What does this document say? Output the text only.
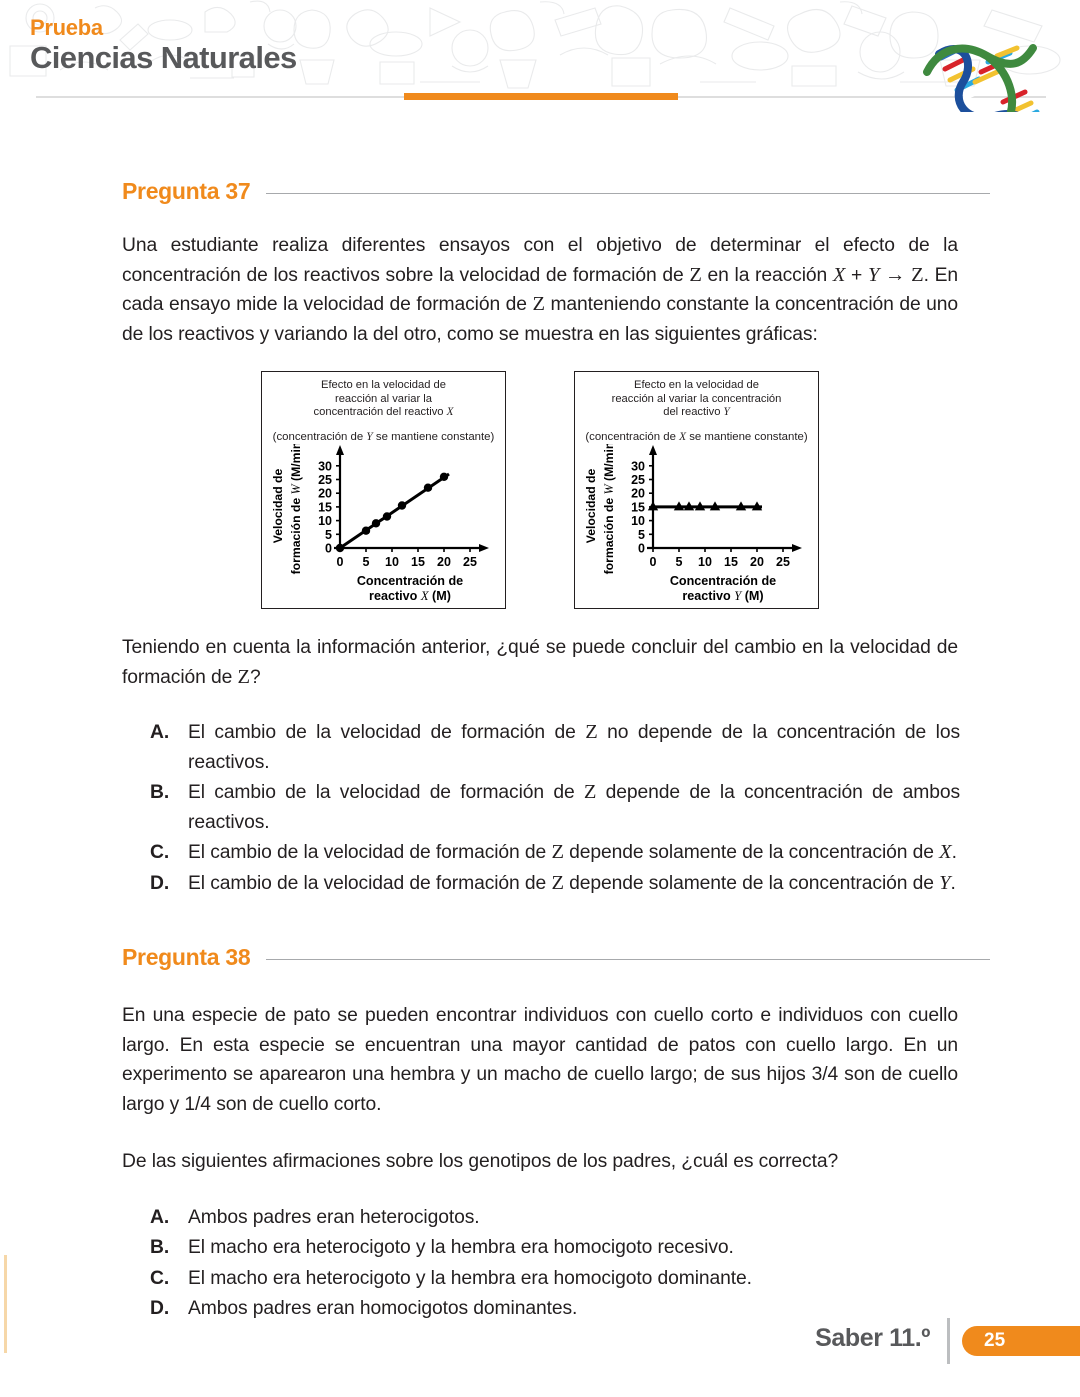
Prueba
Ciencias Naturales
Pregunta 37
Una estudiante realiza diferentes ensayos con el objetivo de determinar el efecto de la concentración de los reactivos sobre la velocidad de formación de Z en la reacción X + Y → Z. En cada ensayo mide la velocidad de formación de Z manteniendo constante la concentración de uno de los reactivos y variando la del otro, como se muestra en las siguientes gráficas:
Efecto en la velocidad de
reacción al variar la
concentración del reactivo X
(concentración de Y se mantiene constante)
0
5
10
15
20
25
30
0 5 10 15 20 25
Velocidad de formación de W (M/min)
Concentración de
reactivo X (M)
Efecto en la velocidad de
reacción al variar la concentración
del reactivo Y
(concentración de X se mantiene constante)
0
5
10
15
20
25
30
0 5 10 15 20 25
Velocidad de formación de W (M/min)
Concentración de
reactivo Y (M)
Teniendo en cuenta la información anterior, ¿qué se puede concluir del cambio en la velocidad de formación de Z?
A. El cambio de la velocidad de formación de Z no depende de la concentración de los reactivos.
B. El cambio de la velocidad de formación de Z depende de la concentración de ambos reactivos.
C. El cambio de la velocidad de formación de Z depende solamente de la concentración de X.
D. El cambio de la velocidad de formación de Z depende solamente de la concentración de Y.
Pregunta 38
En una especie de pato se pueden encontrar individuos con cuello corto e individuos con cuello largo. En esta especie se encuentran una mayor cantidad de patos con cuello largo. En un experimento se aparearon una hembra y un macho de cuello largo; de sus hijos 3/4 son de cuello largo y 1/4 son de cuello corto.
De las siguientes afirmaciones sobre los genotipos de los padres, ¿cuál es correcta?
A. Ambos padres eran heterocigotos.
B. El macho era heterocigoto y la hembra era homocigoto recesivo.
C. El macho era heterocigoto y la hembra era homocigoto dominante.
D. Ambos padres eran homocigotos dominantes.
Saber 11.º	25
